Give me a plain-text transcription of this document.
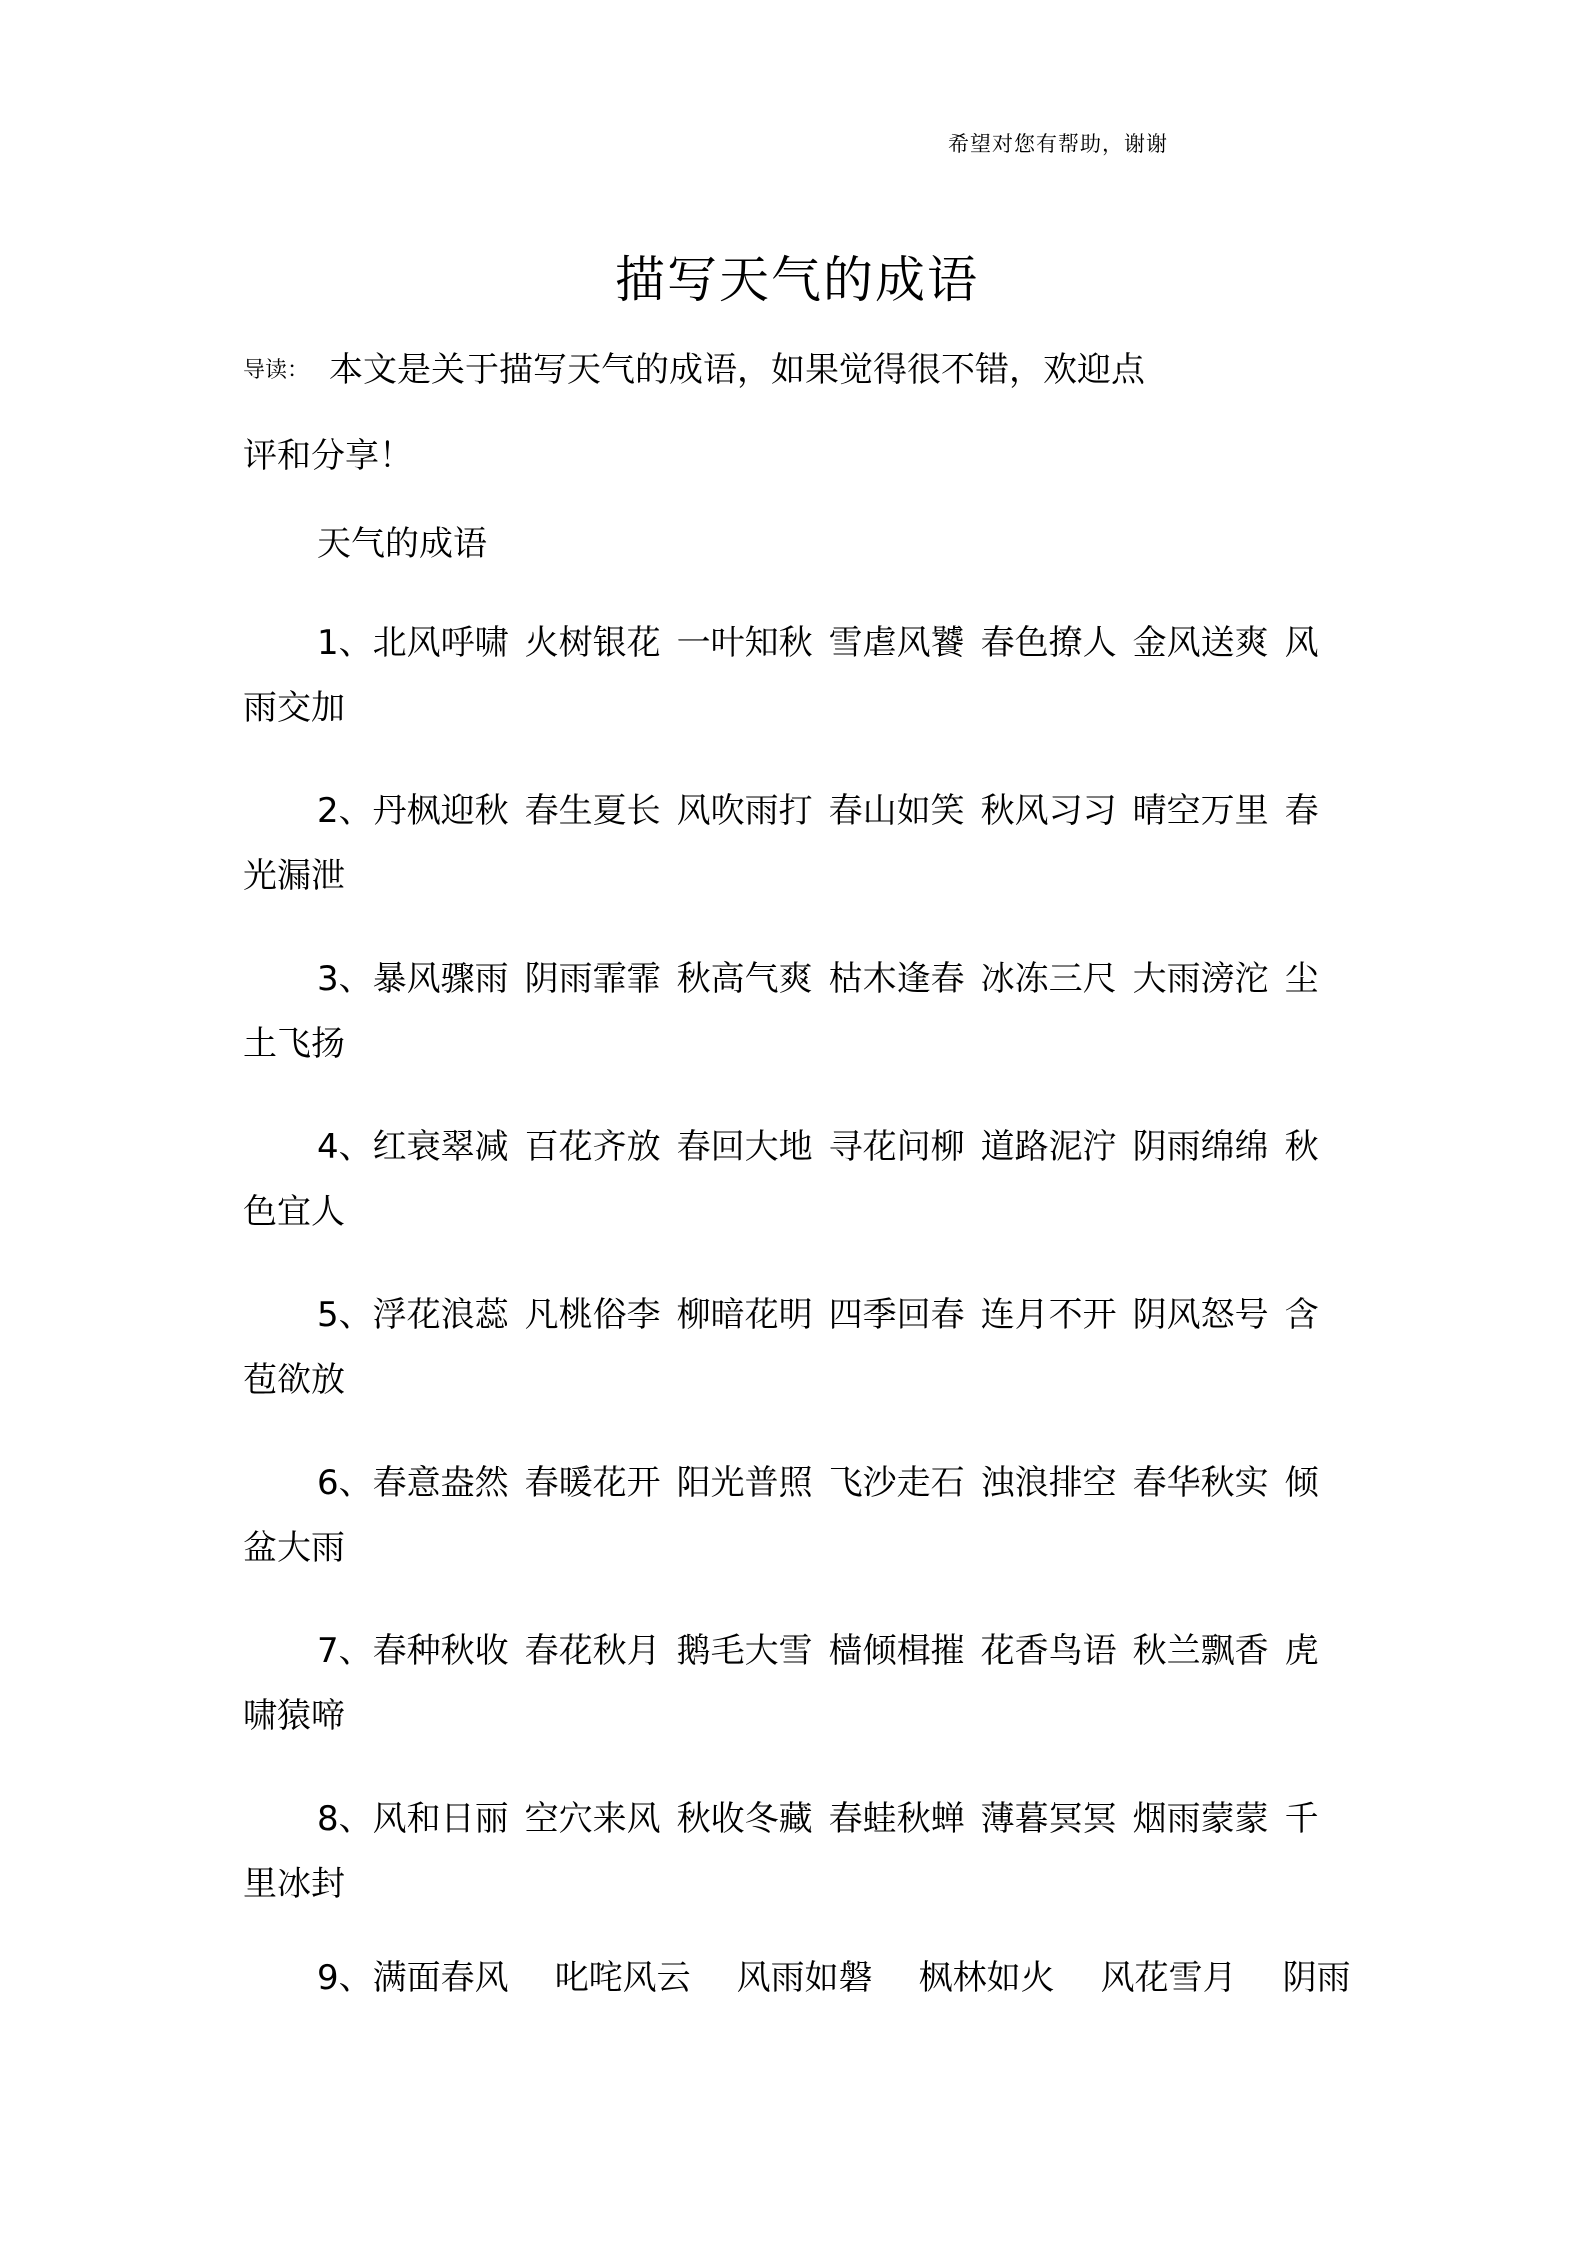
希望对您有帮助，谢谢
描写天气的成语
导读： 本文是关于描写天气的成语，如果觉得很不错，欢迎点
评和分享！
天气的成语
1、北风呼啸 火树银花 一叶知秋 雪虐风饕 春色撩人 金风送爽 风
雨交加
2、丹枫迎秋 春生夏长 风吹雨打 春山如笑 秋风习习 晴空万里 春
光漏泄
3、暴风骤雨 阴雨霏霏 秋高气爽 枯木逢春 冰冻三尺 大雨滂沱 尘
土飞扬
4、红衰翠减 百花齐放 春回大地 寻花问柳 道路泥泞 阴雨绵绵 秋
色宜人
5、浮花浪蕊 凡桃俗李 柳暗花明 四季回春 连月不开 阴风怒号 含
苞欲放
6、春意盎然 春暖花开 阳光普照 飞沙走石 浊浪排空 春华秋实 倾
盆大雨
7、春种秋收 春花秋月 鹅毛大雪 樯倾楫摧 花香鸟语 秋兰飘香 虎
啸猿啼
8、风和日丽 空穴来风 秋收冬藏 春蛙秋蝉 薄暮冥冥 烟雨蒙蒙 千
里冰封
9、满面春风 叱咤风云 风雨如磐 枫林如火 风花雪月 阴雨
